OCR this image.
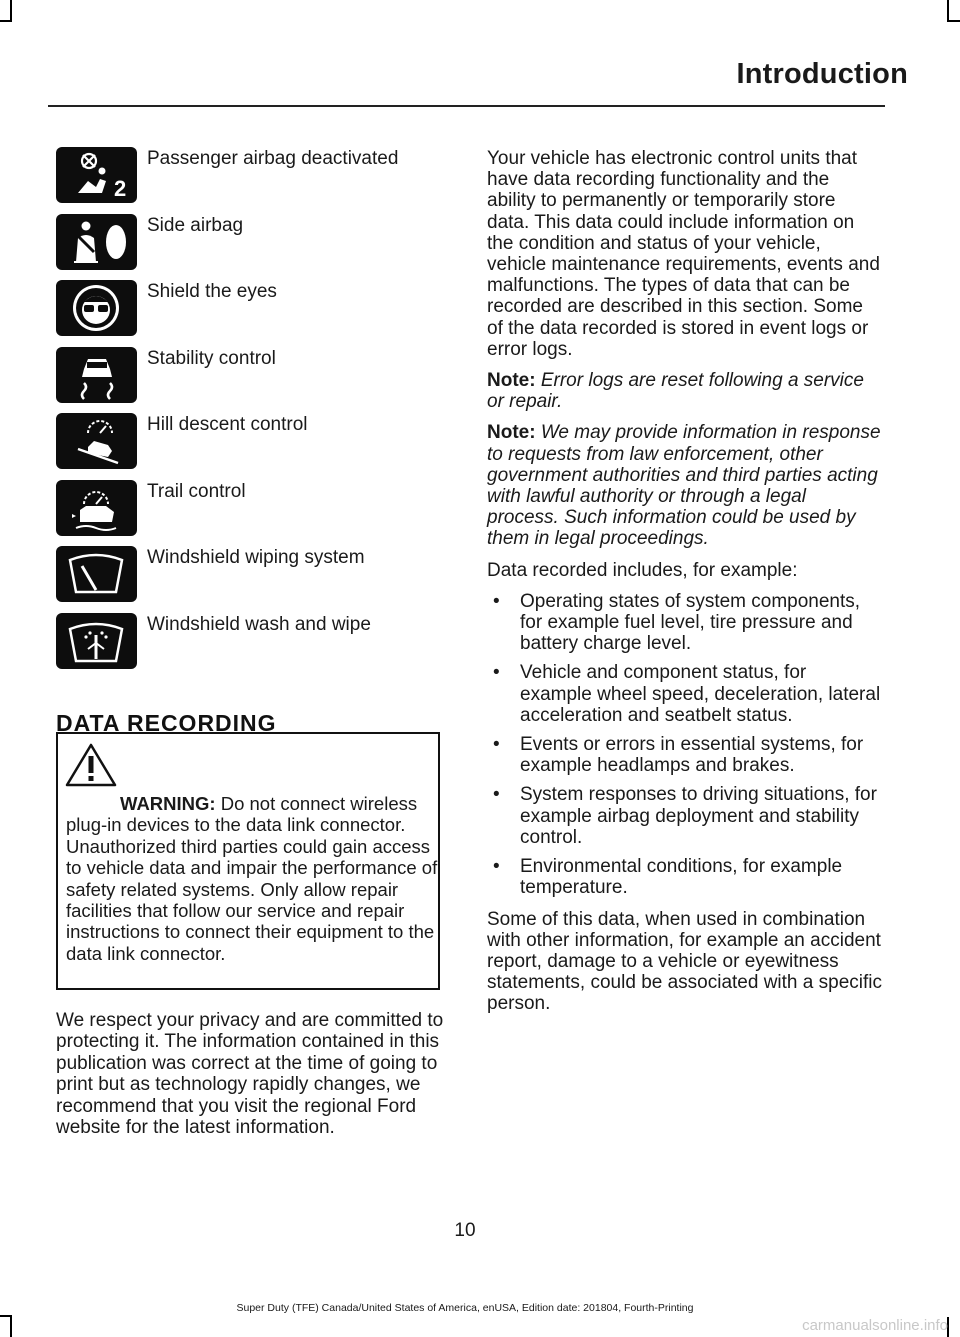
Introduction
2
Passenger airbag deactivated
Side airbag
Shield the eyes
Stability control
Hill descent control
Trail control
Windshield wiping system
Windshield wash and wipe
DATA RECORDING
WARNING: Do not connect wireless plug-in devices to the data link connector. Unauthorized third parties could gain access to vehicle data and impair the performance of safety related systems. Only allow repair facilities that follow our service and repair instructions to connect their equipment to the data link connector.
We respect your privacy and are committed to protecting it. The information contained in this publication was correct at the time of going to print but as technology rapidly changes, we recommend that you visit the regional Ford website for the latest information.

Your vehicle has electronic control units that have data recording functionality and the ability to permanently or temporarily store data. This data could include information on the condition and status of your vehicle, vehicle maintenance requirements, events and malfunctions. The types of data that can be recorded are described in this section. Some of the data recorded is stored in event logs or error logs.

Note: Error logs are reset following a service or repair.

Note: We may provide information in response to requests from law enforcement, other government authorities and third parties acting with lawful authority or through a legal process. Such information could be used by them in legal proceedings.

Data recorded includes, for example:

• Operating states of system components, for example fuel level, tire pressure and battery charge level.
• Vehicle and component status, for example wheel speed, deceleration, lateral acceleration and seatbelt status.
• Events or errors in essential systems, for example headlamps and brakes.
• System responses to driving situations, for example airbag deployment and stability control.
• Environmental conditions, for example temperature.

Some of this data, when used in combination with other information, for example an accident report, damage to a vehicle or eyewitness statements, could be associated with a specific person.

10
Super Duty (TFE) Canada/United States of America, enUSA, Edition date: 201804, Fourth-Printing
carmanualsonline.info
